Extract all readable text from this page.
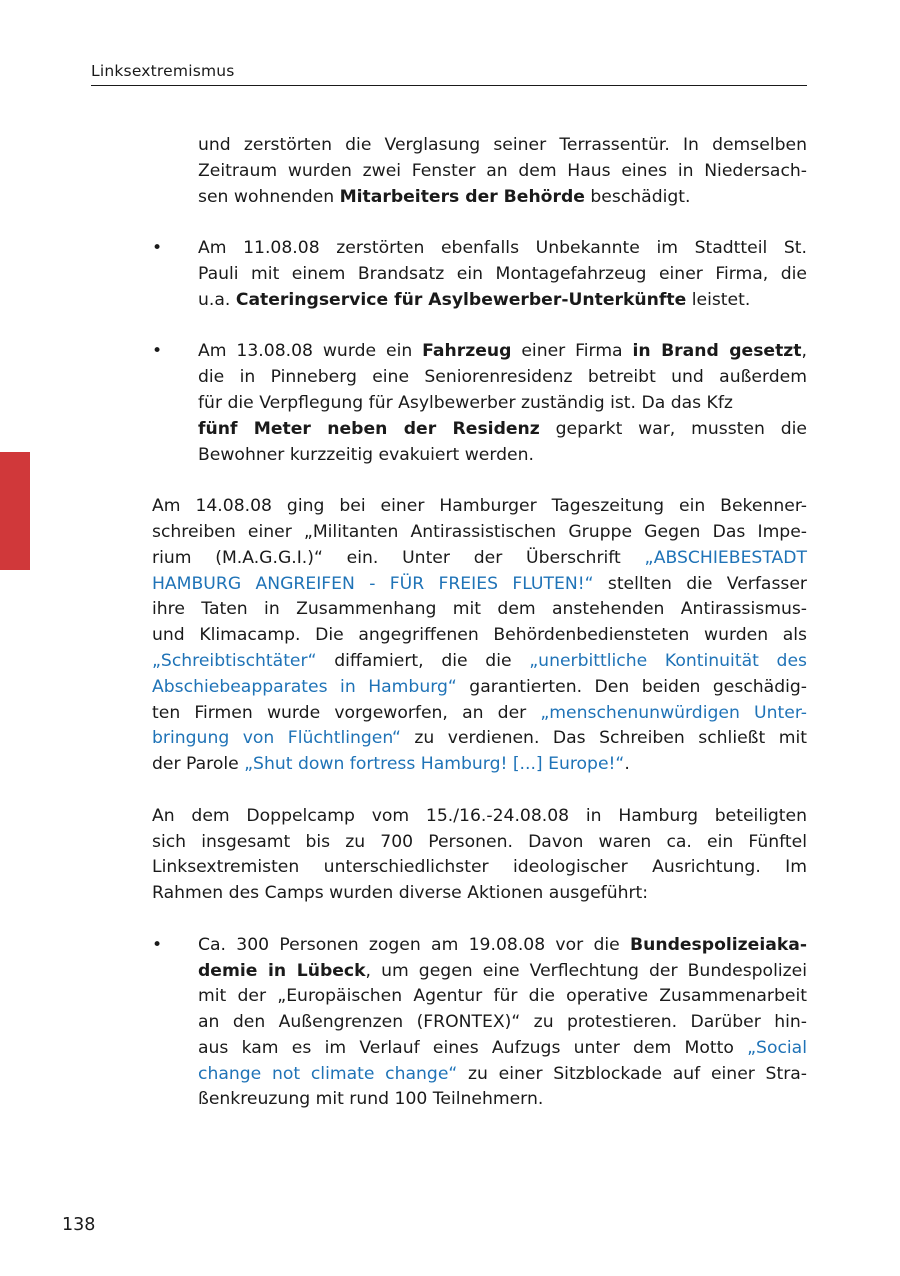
Linksextremismus
und zerstörten die Verglasung seiner Terrassentür. In demselben
Zeitraum wurden zwei Fenster an dem Haus eines in Niedersach-
sen wohnenden Mitarbeiters der Behörde beschädigt.
•	Am 11.08.08 zerstörten ebenfalls Unbekannte im Stadtteil St.
Pauli mit einem Brandsatz ein Montagefahrzeug einer Firma, die
u.a. Cateringservice für Asylbewerber-Unterkünfte leistet.
•	Am 13.08.08 wurde ein Fahrzeug einer Firma in Brand gesetzt,
die in Pinneberg eine Seniorenresidenz betreibt und außerdem
für die Verpflegung für Asylbewerber zuständig ist. Da das Kfz
fünf Meter neben der Residenz geparkt war, mussten die
Bewohner kurzzeitig evakuiert werden.
Am 14.08.08 ging bei einer Hamburger Tageszeitung ein Bekenner-
schreiben einer „Militanten Antirassistischen Gruppe Gegen Das Impe-
rium (M.A.G.G.I.)“ ein. Unter der Überschrift „ABSCHIEBESTADT
HAMBURG ANGREIFEN - FÜR FREIES FLUTEN!“ stellten die Verfasser
ihre Taten in Zusammenhang mit dem anstehenden Antirassismus-
und Klimacamp. Die angegriffenen Behördenbediensteten wurden als
„Schreibtischtäter“ diffamiert, die die „unerbittliche Kontinuität des
Abschiebeapparates in Hamburg“ garantierten. Den beiden geschädig-
ten Firmen wurde vorgeworfen, an der „menschenunwürdigen Unter-
bringung von Flüchtlingen“ zu verdienen. Das Schreiben schließt mit
der Parole „Shut down fortress Hamburg! [...] Europe!“.
An dem Doppelcamp vom 15./16.-24.08.08 in Hamburg beteiligten
sich insgesamt bis zu 700 Personen. Davon waren ca. ein Fünftel
Linksextremisten unterschiedlichster ideologischer Ausrichtung. Im
Rahmen des Camps wurden diverse Aktionen ausgeführt:
•	Ca. 300 Personen zogen am 19.08.08 vor die Bundespolizeiaka-
demie in Lübeck, um gegen eine Verflechtung der Bundespolizei
mit der „Europäischen Agentur für die operative Zusammenarbeit
an den Außengrenzen (FRONTEX)“ zu protestieren. Darüber hin-
aus kam es im Verlauf eines Aufzugs unter dem Motto „Social
change not climate change“ zu einer Sitzblockade auf einer Stra-
ßenkreuzung mit rund 100 Teilnehmern.
138
